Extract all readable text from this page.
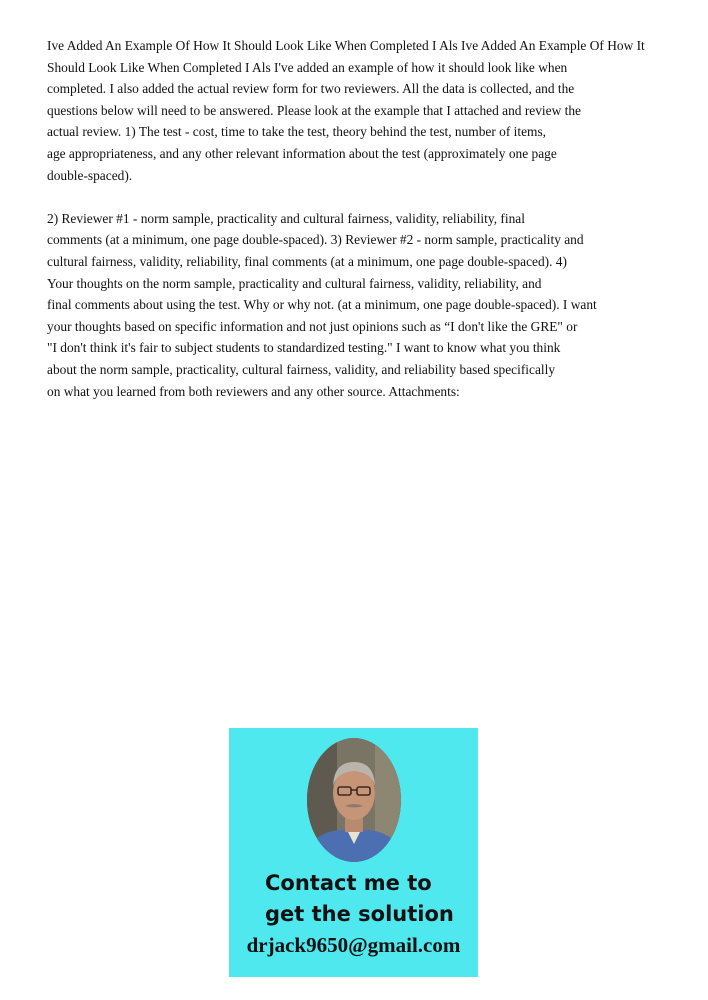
Ive Added An Example Of How It Should Look Like When Completed I Als Ive Added An Example Of How It
Should Look Like When Completed I Als I've added an example of how it should look like when
completed. I also added the actual review form for two reviewers. All the data is collected, and the
questions below will need to be answered. Please look at the example that I attached and review the
actual review. 1) The test - cost, time to take the test, theory behind the test, number of items,
age appropriateness, and any other relevant information about the test (approximately one page
double-spaced).

2) Reviewer #1 - norm sample, practicality and cultural fairness, validity, reliability, final
comments (at a minimum, one page double-spaced). 3) Reviewer #2 - norm sample, practicality and
cultural fairness, validity, reliability, final comments (at a minimum, one page double-spaced). 4)
Your thoughts on the norm sample, practicality and cultural fairness, validity, reliability, and
final comments about using the test. Why or why not. (at a minimum, one page double-spaced). I want
your thoughts based on specific information and not just opinions such as “I don't like the GRE" or
"I don't think it's fair to subject students to standardized testing." I want to know what you think
about the norm sample, practicality, cultural fairness, validity, and reliability based specifically
on what you learned from both reviewers and any other source. Attachments:

Contact me to
get the solution
drjack9650@gmail.com
